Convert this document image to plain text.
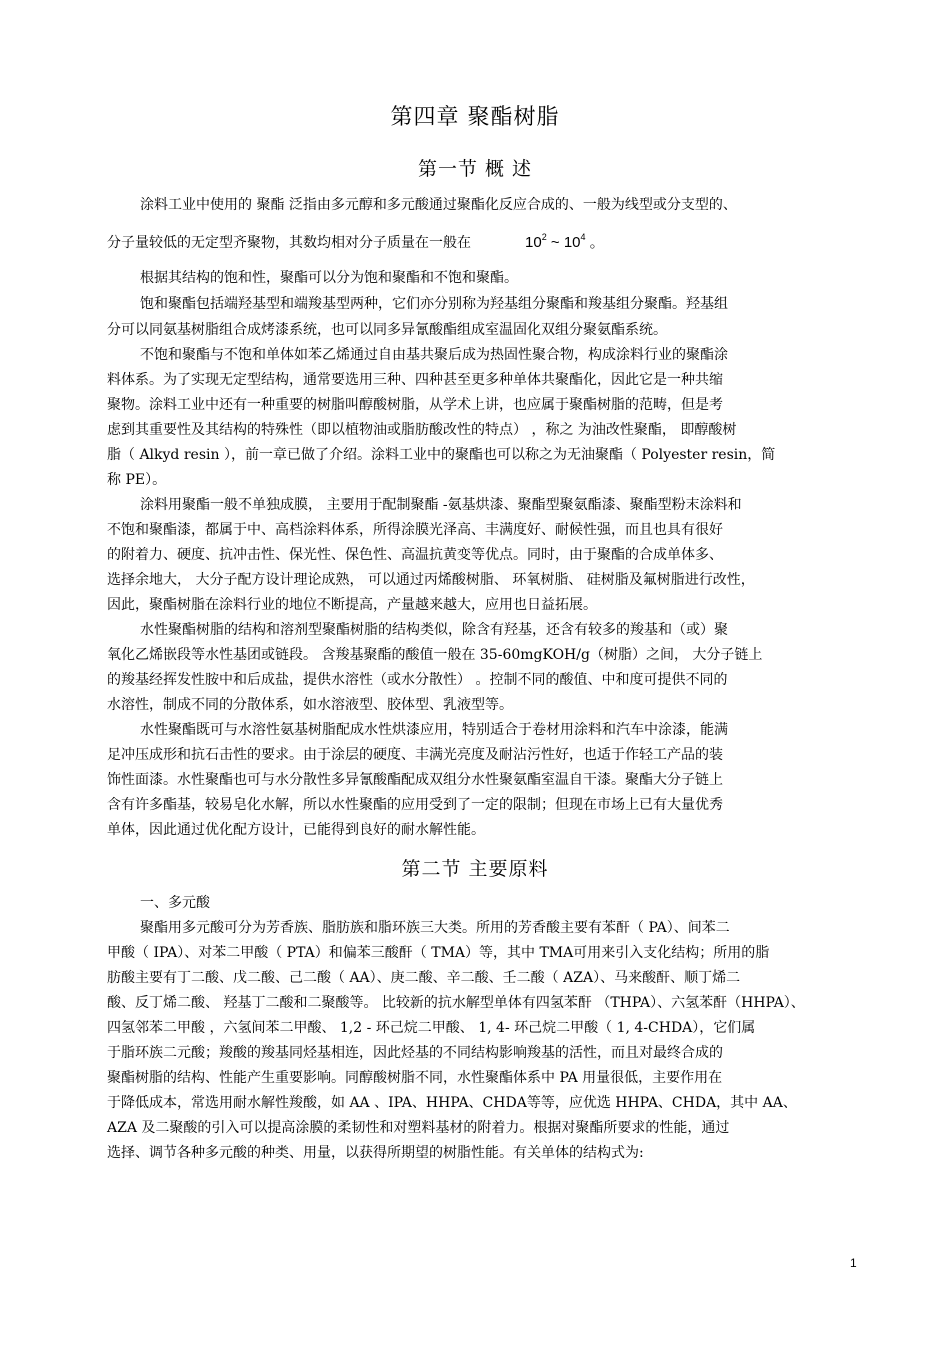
第四章 聚酯树脂
第一节 概 述
涂料工业中使用的 聚酯 泛指由多元醇和多元酸通过聚酯化反应合成的、一般为线型或分支型的、
分子量较低的无定型齐聚物，其数均相对分子质量在一般在	$10^2$ ~ $10^4$ 。
根据其结构的饱和性，聚酯可以分为饱和聚酯和不饱和聚酯。
饱和聚酯包括端羟基型和端羧基型两种，它们亦分别称为羟基组分聚酯和羧基组分聚酯。羟基组
分可以同氨基树脂组合成烤漆系统，也可以同多异氰酸酯组成室温固化双组分聚氨酯系统。
不饱和聚酯与不饱和单体如苯乙烯通过自由基共聚后成为热固性聚合物，构成涂料行业的聚酯涂
料体系。为了实现无定型结构，通常要选用三种、四种甚至更多种单体共聚酯化，因此它是一种共缩
聚物。涂料工业中还有一种重要的树脂叫醇酸树脂，从学术上讲，也应属于聚酯树脂的范畴，但是考
虑到其重要性及其结构的特殊性（即以植物油或脂肪酸改性的特点） ，称之 为油改性聚酯， 即醇酸树
脂（ Alkyd resin ），前一章已做了介绍。涂料工业中的聚酯也可以称之为无油聚酯（ Polyester resin，简
称 PE）。
涂料用聚酯一般不单独成膜， 主要用于配制聚酯 -氨基烘漆、聚酯型聚氨酯漆、聚酯型粉末涂料和
不饱和聚酯漆，都属于中、高档涂料体系，所得涂膜光泽高、丰满度好、耐候性强，而且也具有很好
的附着力、硬度、抗冲击性、保光性、保色性、高温抗黄变等优点。同时，由于聚酯的合成单体多、
选择余地大， 大分子配方设计理论成熟， 可以通过丙烯酸树脂、 环氧树脂、 硅树脂及氟树脂进行改性，
因此，聚酯树脂在涂料行业的地位不断提高，产量越来越大，应用也日益拓展。
水性聚酯树脂的结构和溶剂型聚酯树脂的结构类似，除含有羟基，还含有较多的羧基和（或）聚
氧化乙烯嵌段等水性基团或链段。 含羧基聚酯的酸值一般在 35-60mgKOH/g（树脂）之间， 大分子链上
的羧基经挥发性胺中和后成盐，提供水溶性（或水分散性） 。控制不同的酸值、中和度可提供不同的
水溶性，制成不同的分散体系，如水溶液型、胶体型、乳液型等。
水性聚酯既可与水溶性氨基树脂配成水性烘漆应用，特别适合于卷材用涂料和汽车中涂漆，能满
足冲压成形和抗石击性的要求。由于涂层的硬度、丰满光亮度及耐沾污性好，也适于作轻工产品的装
饰性面漆。水性聚酯也可与水分散性多异氰酸酯配成双组分水性聚氨酯室温自干漆。聚酯大分子链上
含有许多酯基，较易皂化水解，所以水性聚酯的应用受到了一定的限制；但现在市场上已有大量优秀
单体，因此通过优化配方设计，已能得到良好的耐水解性能。
第二节 主要原料
一、多元酸
聚酯用多元酸可分为芳香族、脂肪族和脂环族三大类。所用的芳香酸主要有苯酐（ PA）、间苯二
甲酸（ IPA）、对苯二甲酸（ PTA）和偏苯三酸酐（ TMA）等，其中 TMA可用来引入支化结构；所用的脂
肪酸主要有丁二酸、戊二酸、己二酸（ AA）、庚二酸、辛二酸、壬二酸（ AZA）、马来酸酐、顺丁烯二
酸、反丁烯二酸、 羟基丁二酸和二聚酸等。 比较新的抗水解型单体有四氢苯酐 （THPA）、六氢苯酐（HHPA）、
四氢邻苯二甲酸 ，六氢间苯二甲酸、 1,2 - 环己烷二甲酸、 1, 4- 环己烷二甲酸（ 1, 4-CHDA），它们属
于脂环族二元酸；羧酸的羧基同烃基相连，因此烃基的不同结构影响羧基的活性，而且对最终合成的
聚酯树脂的结构、性能产生重要影响。同醇酸树脂不同，水性聚酯体系中 PA 用量很低，主要作用在
于降低成本，常选用耐水解性羧酸，如 AA 、IPA、HHPA、CHDA等等，应优选 HHPA、CHDA，其中 AA、
AZA 及二聚酸的引入可以提高涂膜的柔韧性和对塑料基材的附着力。根据对聚酯所要求的性能，通过
选择、调节各种多元酸的种类、用量，以获得所期望的树脂性能。有关单体的结构式为:
1
